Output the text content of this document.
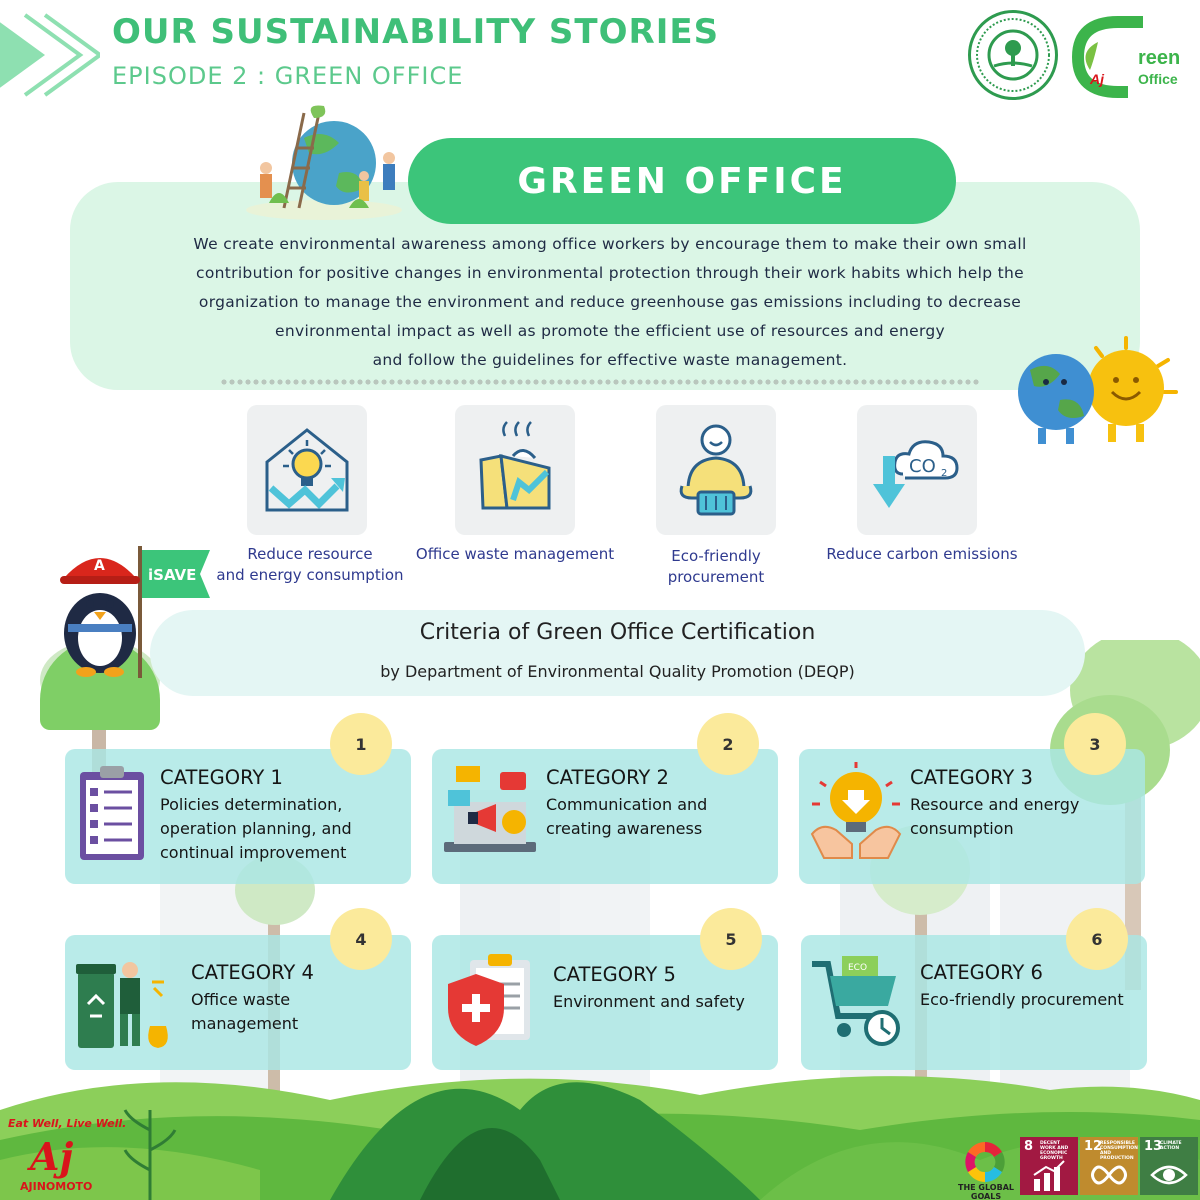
OUR SUSTAINABILITY STORIES
EPISODE 2 : GREEN OFFICE
reen
Office
Aj
GREEN OFFICE
We create environmental awareness among office workers by encourage them to make their own small
contribution for positive changes in environmental protection through their work habits which help the
organization to manage the environment and reduce greenhouse gas emissions including to decrease
environmental impact as well as promote the efficient use of resources and energy
and follow the guidelines for effective waste management.
CO 2
Reduce resource
and energy consumption
Office waste management	Eco-friendly
procurement
Reduce carbon emissions
iSAVE
A
Criteria of Green Office Certification
by Department of Environmental Quality Promotion (DEQP)
1
CATEGORY 1
Policies determination,
operation planning, and
continual improvement
2
CATEGORY 2
Communication and
creating awareness
3
CATEGORY 3
Resource and energy
consumption
4
CATEGORY 4
Office waste
management
5
CATEGORY 5
Environment and safety
6
ECO	CATEGORY 6
Eco-friendly procurement
Eat Well, Live Well.
Aj
AJINOMOTO	THE GLOBAL GOALS
8 DECENT WORK AND ECONOMIC GROWTH
12
RESPONSIBLE CONSUMPTION AND PRODUCTION
13
CLIMATE ACTION
